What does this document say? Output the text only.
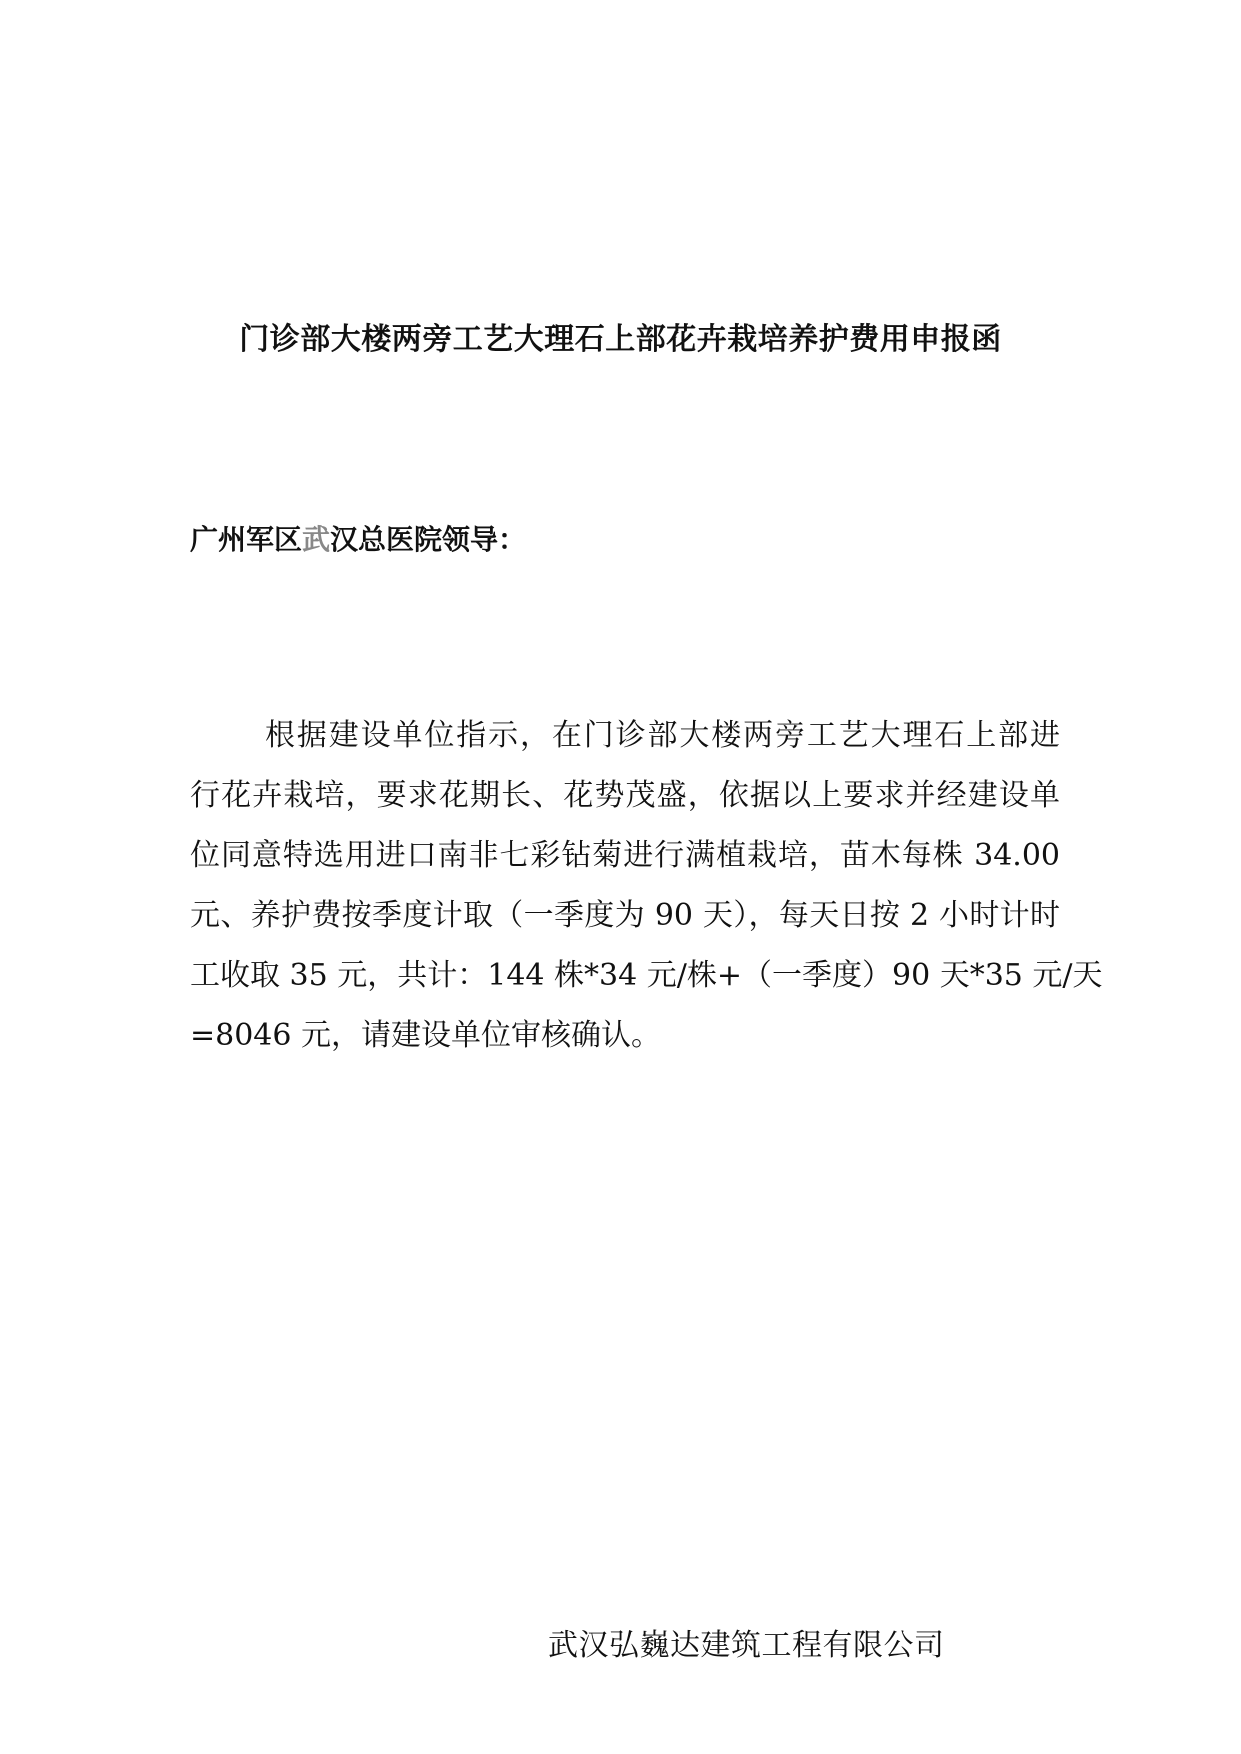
门诊部大楼两旁工艺大理石上部花卉栽培养护费用申报函
广州军区武汉总医院领导：
根据建设单位指示，在门诊部大楼两旁工艺大理石上部进
行花卉栽培，要求花期长、花势茂盛，依据以上要求并经建设单
位同意特选用进口南非七彩钻菊进行满植栽培，苗木每株 34.00
元、养护费按季度计取（一季度为 90 天），每天日按 2 小时计时
工收取 35 元，共计：144 株*34 元/株+（一季度）90 天*35 元/天
=8046 元，请建设单位审核确认。
武汉弘巍达建筑工程有限公司
